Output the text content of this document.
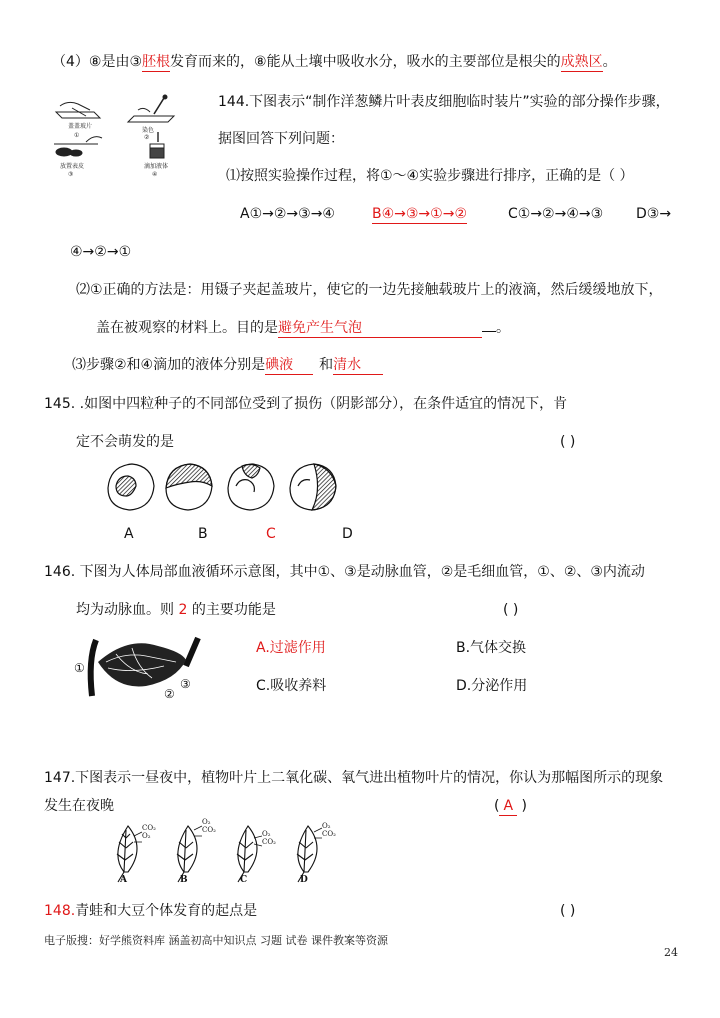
（4）⑧是由③胚根发育而来的，⑧能从土壤中吸收水分，吸水的主要部位是根尖的成熟区。
盖盖玻片
①
染色
②
放置表皮
③
滴加液体
④
144.下图表示“制作洋葱鳞片叶表皮细胞临时装片”实验的部分操作步骤，
据图回答下列问题：
⑴按照实验操作过程，将①～④实验步骤进行排序，正确的是（ ）
A①→②→③→④	B④→③→①→②	C①→②→④→③ D③→
④→②→①
⑵①正确的方法是：用镊子夹起盖玻片，使它的一边先接触载玻片上的液滴，然后缓缓地放下，
盖在被观察的材料上。目的是避免产生气泡	。
⑶步骤②和④滴加的液体分别是碘液 和清水
145. .如图中四粒种子的不同部位受到了损伤（阴影部分），在条件适宜的情况下，肯
定不会萌发的是	( )
A	B	C	D
146. 下图为人体局部血液循环示意图，其中①、③是动脉血管，②是毛细血管，①、②、③内流动
均为动脉血。则 2 的主要功能是	( )
①
②
③
A.过滤作用	B.气体交换
C.吸收养料	D.分泌作用
147.下图表示一昼夜中，植物叶片上二氧化碳、氧气进出植物叶片的情况，你认为那幅图所示的现象
发生在夜晚	( A )
CO₂
O₂
O₂
CO₂	O₂
CO₂
O₂
CO₂
A	B	C	D
148.青蛙和大豆个体发育的起点是	( )
电子版搜：好学熊资料库 涵盖初高中知识点 习题 试卷 课件教案等资源
24
